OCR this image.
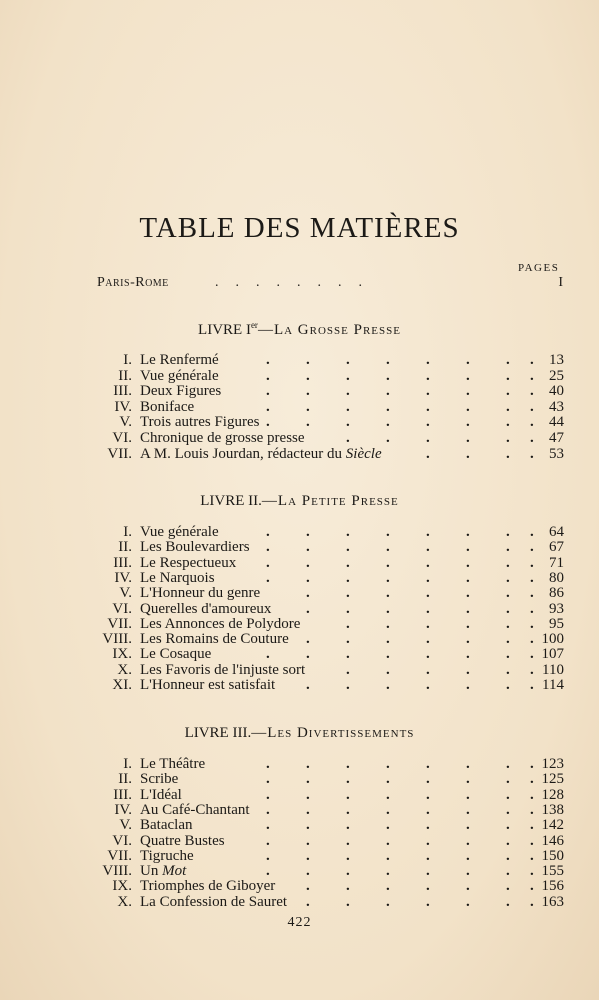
TABLE DES MATIÈRES
PAGES
Paris-Rome	........	I
LIVRE Ier—La Grosse Presse
I. Le Renfermé	13
. . . . . . . .
II. Vue générale	25
. . . . . . . .
III. Deux Figures	40
. . . . . . . .
IV. Boniface	43
. . . . . . . .
V. Trois autres Figures	44
. . . . . . . .
VI. Chronique de grosse presse	47
. . . . . .
VII. A M. Louis Jourdan, rédacteur du Siècle	53
. . . .
LIVRE II.—La Petite Presse
I. Vue générale	64
. . . . . . . .
II. Les Boulevardiers	67
. . . . . . . .
III. Le Respectueux	71
. . . . . . . .
IV. Le Narquois	80
. . . . . . . .
V. L'Honneur du genre	86
. . . . . . .
VI. Querelles d'amoureux	93
. . . . . . .
VII. Les Annonces de Polydore	95
. . . . . .
VIII. Les Romains de Couture	100
. . . . . . .
IX. Le Cosaque	107
. . . . . . . .
X. Les Favoris de l'injuste sort	110
. . . . . .
XI. L'Honneur est satisfait	114
. . . . . . .
LIVRE III.—Les Divertissements
I. Le Théâtre	123
. . . . . . . .
II. Scribe	125
. . . . . . . .
III. L'Idéal	128
. . . . . . . .
IV. Au Café-Chantant	138
. . . . . . . .
V. Bataclan	142
. . . . . . . .
VI. Quatre Bustes	146
. . . . . . . .
VII. Tigruche	150
. . . . . . . .
VIII. Un Mot	155
. . . . . . . .
IX. Triomphes de Giboyer	156
. . . . . . .
X. La Confession de Sauret	163
. . . . . . .
422
